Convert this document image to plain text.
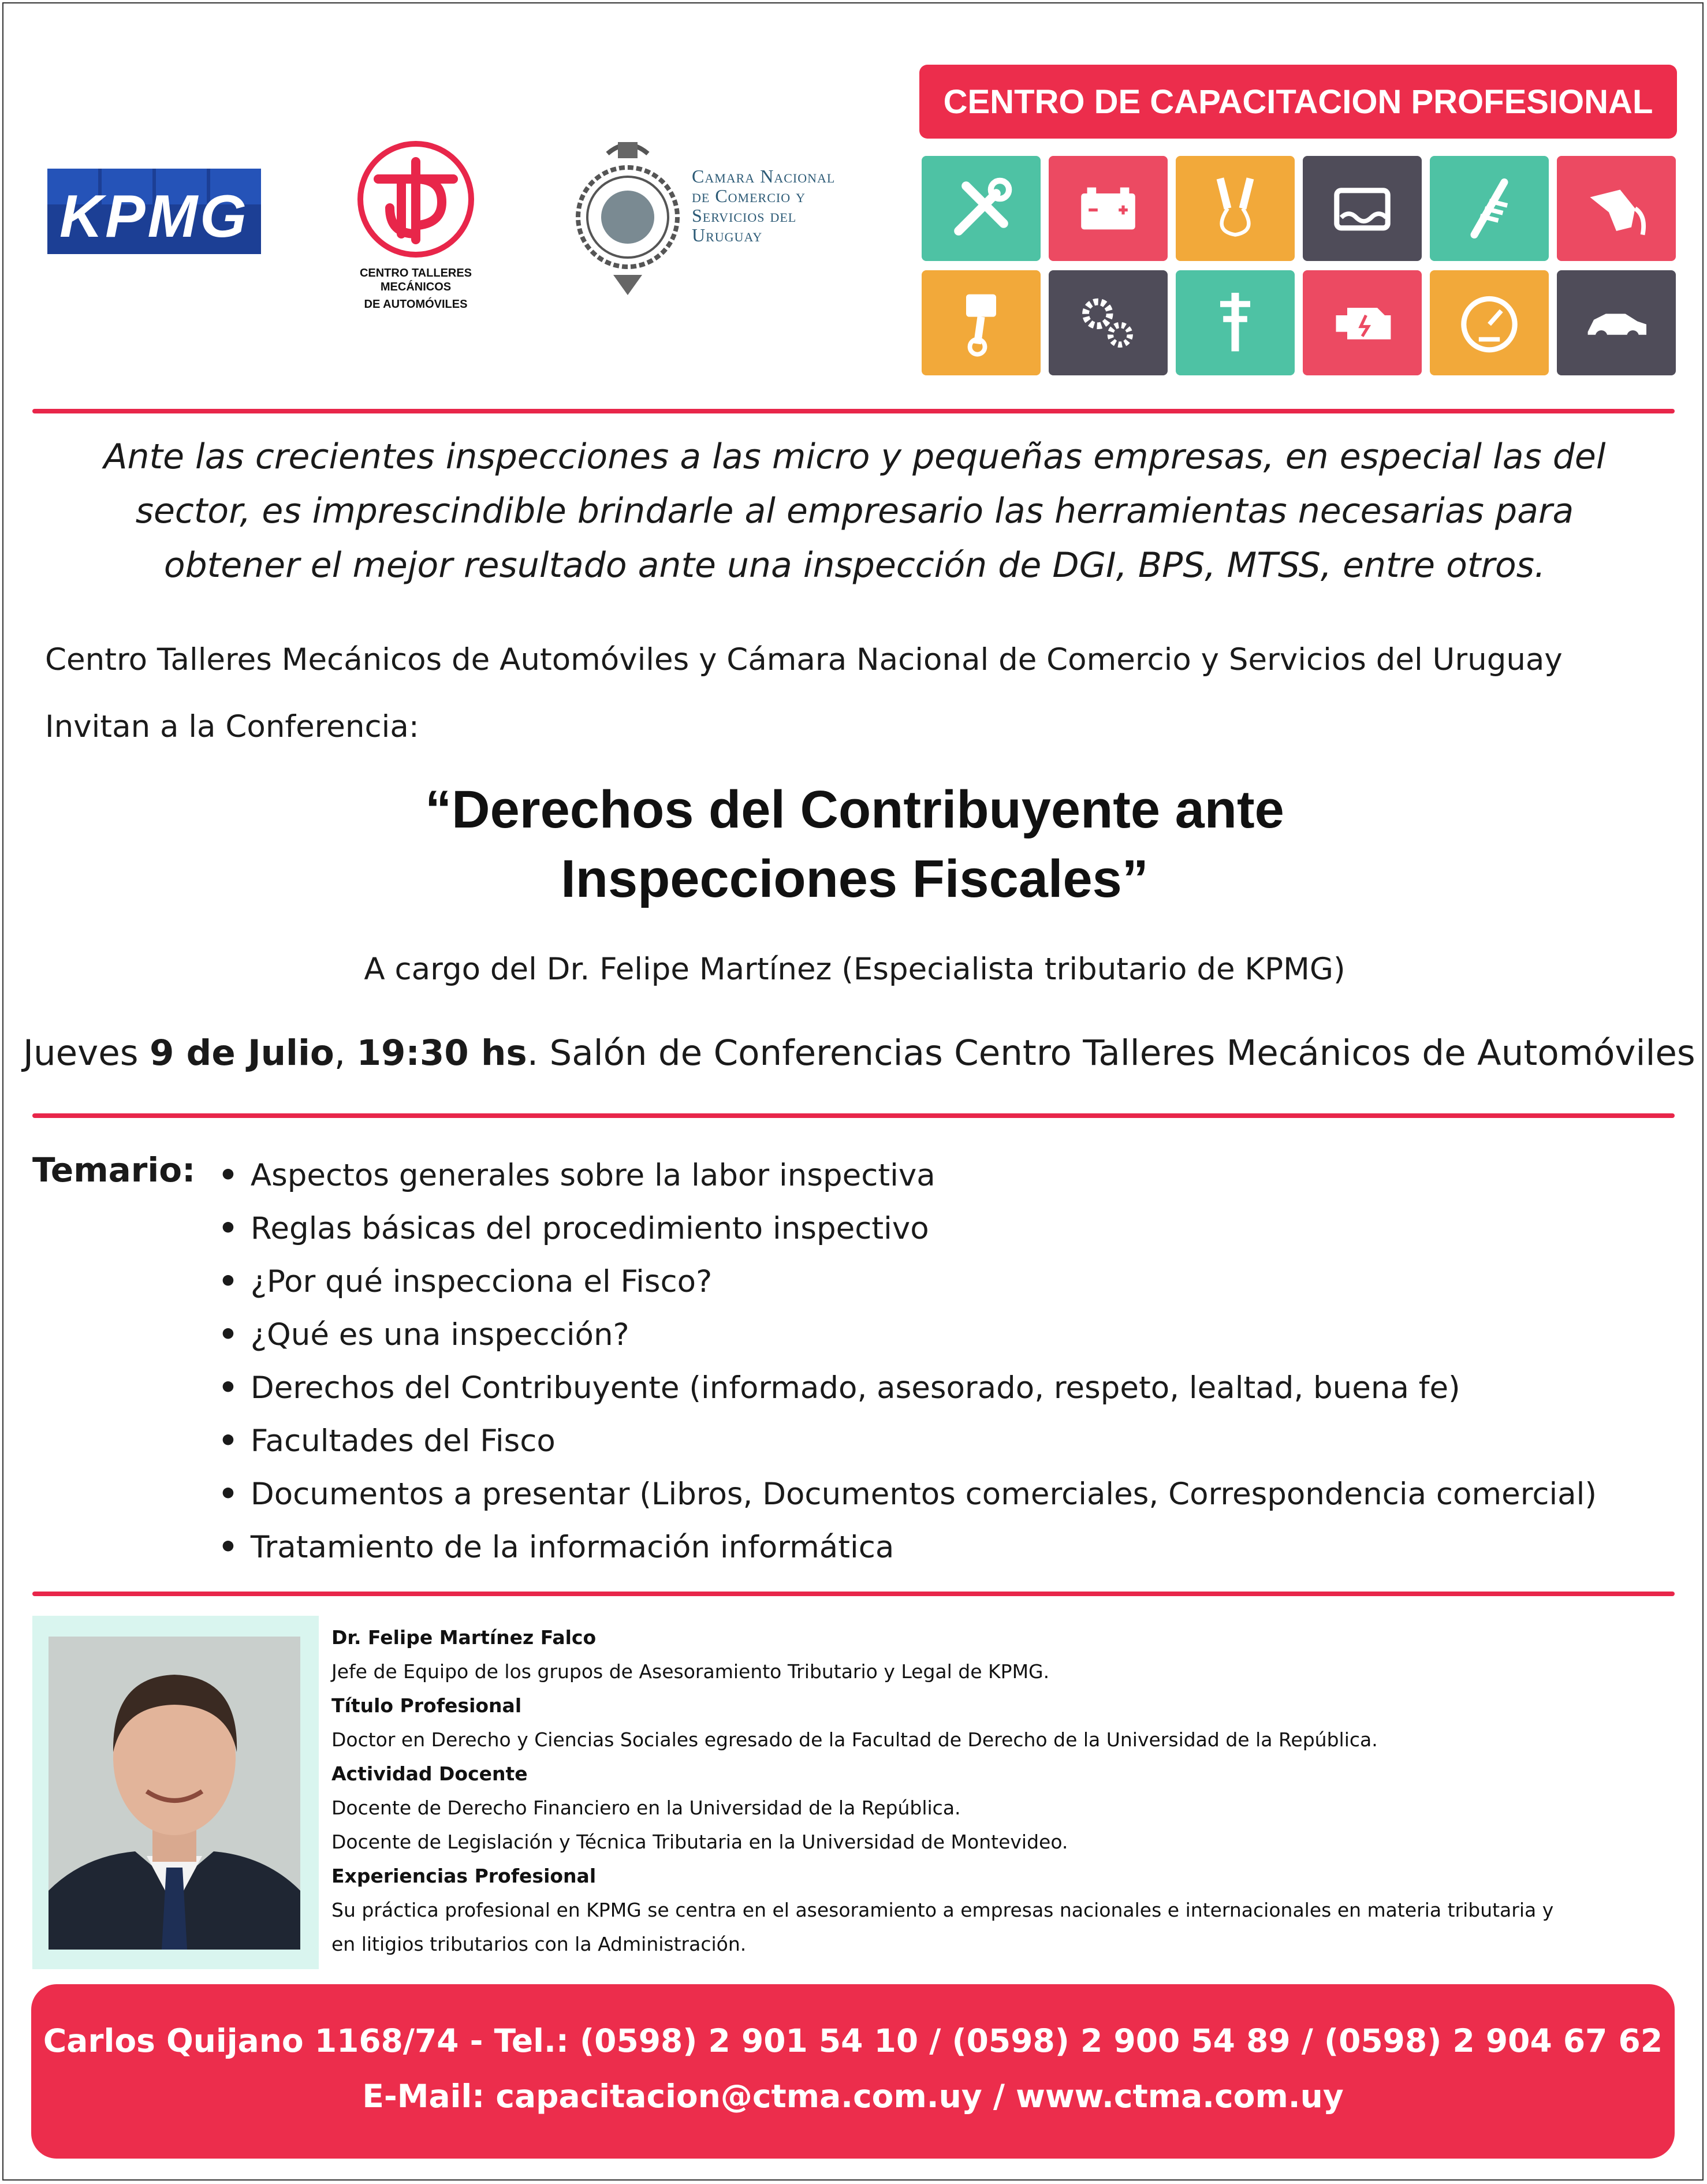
KPMG
CENTRO TALLERES MECÁNICOS
DE AUTOMÓVILES
Camara Nacional
de Comercio y
Servicios del
Uruguay
CENTRO DE CAPACITACION PROFESIONAL
Ante las crecientes inspecciones a las micro y pequeñas empresas, en especial las del
sector, es imprescindible brindarle al empresario las herramientas necesarias para
obtener el mejor resultado ante una inspección de DGI, BPS, MTSS, entre otros.
Centro Talleres Mecánicos de Automóviles y Cámara Nacional de Comercio y Servicios del Uruguay
Invitan a la Conferencia:
“Derechos del Contribuyente ante
Inspecciones Fiscales”
A cargo del Dr. Felipe Martínez (Especialista tributario de KPMG)
Jueves 9 de Julio, 19:30 hs. Salón de Conferencias Centro Talleres Mecánicos de Automóviles
Temario:
•	Aspectos generales sobre la labor inspectiva
• Reglas básicas del procedimiento inspectivo
• ¿Por qué inspecciona el Fisco?
• ¿Qué es una inspección?
• Derechos del Contribuyente (informado, asesorado, respeto, lealtad, buena fe)
• Facultades del Fisco
• Documentos a presentar (Libros, Documentos comerciales, Correspondencia comercial)
• Tratamiento de la información informática
Dr. Felipe Martínez Falco
Jefe de Equipo de los grupos de Asesoramiento Tributario y Legal de KPMG.
Título Profesional
Doctor en Derecho y Ciencias Sociales egresado de la Facultad de Derecho de la Universidad de la República.
Actividad Docente
Docente de Derecho Financiero en la Universidad de la República.
Docente de Legislación y Técnica Tributaria en la Universidad de Montevideo.
Experiencias Profesional
Su práctica profesional en KPMG se centra en el asesoramiento a empresas nacionales e internacionales en materia tributaria y
en litigios tributarios con la Administración.
Carlos Quijano 1168/74 - Tel.: (0598) 2 901 54 10 / (0598) 2 900 54 89 / (0598) 2 904 67 62
E-Mail: capacitacion@ctma.com.uy / www.ctma.com.uy
